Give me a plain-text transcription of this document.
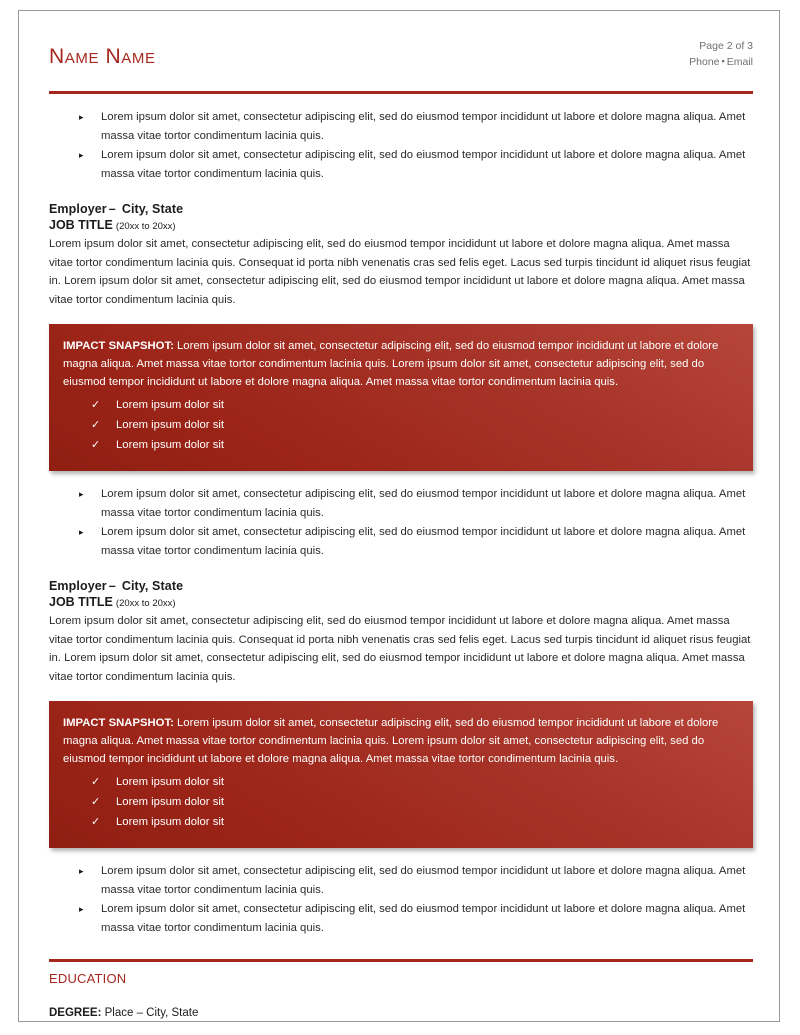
Name Name	Page 2 of 3
Phone ▪ Email
▸ Lorem ipsum dolor sit amet, consectetur adipiscing elit, sed do eiusmod tempor incididunt ut labore et dolore magna aliqua. Amet massa vitae tortor condimentum lacinia quis.
▸ Lorem ipsum dolor sit amet, consectetur adipiscing elit, sed do eiusmod tempor incididunt ut labore et dolore magna aliqua. Amet massa vitae tortor condimentum lacinia quis.
Employer – City, State
JOB TITLE (20xx to 20xx)
Lorem ipsum dolor sit amet, consectetur adipiscing elit, sed do eiusmod tempor incididunt ut labore et dolore magna aliqua. Amet massa vitae tortor condimentum lacinia quis. Consequat id porta nibh venenatis cras sed felis eget. Lacus sed turpis tincidunt id aliquet risus feugiat in. Lorem ipsum dolor sit amet, consectetur adipiscing elit, sed do eiusmod tempor incididunt ut labore et dolore magna aliqua. Amet massa vitae tortor condimentum lacinia quis.
IMPACT SNAPSHOT: Lorem ipsum dolor sit amet, consectetur adipiscing elit, sed do eiusmod tempor incididunt ut labore et dolore magna aliqua. Amet massa vitae tortor condimentum lacinia quis. Lorem ipsum dolor sit amet, consectetur adipiscing elit, sed do eiusmod tempor incididunt ut labore et dolore magna aliqua. Amet massa vitae tortor condimentum lacinia quis.
✓ Lorem ipsum dolor sit
✓ Lorem ipsum dolor sit
✓ Lorem ipsum dolor sit
▸ Lorem ipsum dolor sit amet, consectetur adipiscing elit, sed do eiusmod tempor incididunt ut labore et dolore magna aliqua. Amet massa vitae tortor condimentum lacinia quis.
▸ Lorem ipsum dolor sit amet, consectetur adipiscing elit, sed do eiusmod tempor incididunt ut labore et dolore magna aliqua. Amet massa vitae tortor condimentum lacinia quis.
Employer – City, State
JOB TITLE (20xx to 20xx)
Lorem ipsum dolor sit amet, consectetur adipiscing elit, sed do eiusmod tempor incididunt ut labore et dolore magna aliqua. Amet massa vitae tortor condimentum lacinia quis. Consequat id porta nibh venenatis cras sed felis eget. Lacus sed turpis tincidunt id aliquet risus feugiat in. Lorem ipsum dolor sit amet, consectetur adipiscing elit, sed do eiusmod tempor incididunt ut labore et dolore magna aliqua. Amet massa vitae tortor condimentum lacinia quis.
IMPACT SNAPSHOT: Lorem ipsum dolor sit amet, consectetur adipiscing elit, sed do eiusmod tempor incididunt ut labore et dolore magna aliqua. Amet massa vitae tortor condimentum lacinia quis. Lorem ipsum dolor sit amet, consectetur adipiscing elit, sed do eiusmod tempor incididunt ut labore et dolore magna aliqua. Amet massa vitae tortor condimentum lacinia quis.
✓ Lorem ipsum dolor sit
✓ Lorem ipsum dolor sit
✓ Lorem ipsum dolor sit
▸ Lorem ipsum dolor sit amet, consectetur adipiscing elit, sed do eiusmod tempor incididunt ut labore et dolore magna aliqua. Amet massa vitae tortor condimentum lacinia quis.
▸ Lorem ipsum dolor sit amet, consectetur adipiscing elit, sed do eiusmod tempor incididunt ut labore et dolore magna aliqua. Amet massa vitae tortor condimentum lacinia quis.
EDUCATION
DEGREE: Place – City, State
